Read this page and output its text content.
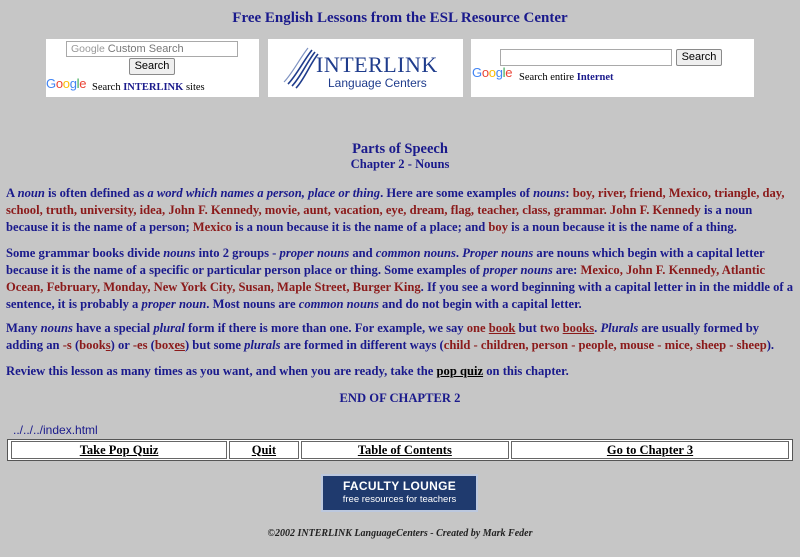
Free English Lessons from the ESL Resource Center
Google Custom Search
Search
Google Search INTERLINK sites
INTERLINK
Language Centers
Search
Google Search entire Internet
Parts of Speech
Chapter 2 - Nouns

A noun is often defined as a word which names a person, place or thing. Here are some examples of nouns: boy, river, friend, Mexico, triangle, day, school, truth, university, idea, John F. Kennedy, movie, aunt, vacation, eye, dream, flag, teacher, class, grammar. John F. Kennedy is a noun because it is the name of a person; Mexico is a noun because it is the name of a place; and boy is a noun because it is the name of a thing.

Some grammar books divide nouns into 2 groups - proper nouns and common nouns. Proper nouns are nouns which begin with a capital letter because it is the name of a specific or particular person place or thing. Some examples of proper nouns are: Mexico, John F. Kennedy, Atlantic Ocean, February, Monday, New York City, Susan, Maple Street, Burger King. If you see a word beginning with a capital letter in in the middle of a sentence, it is probably a proper noun. Most nouns are common nouns and do not begin with a capital letter.

Many nouns have a special plural form if there is more than one. For example, we say one book but two books. Plurals are usually formed by adding an -s (books) or -es (boxes) but some plurals are formed in different ways (child - children, person - people, mouse - mice, sheep - sheep).

Review this lesson as many times as you want, and when you are ready, take the pop quiz on this chapter.

END OF CHAPTER 2
../../../index.html
Take Pop Quiz	Quit	Table of Contents	Go to Chapter 3
FACULTY LOUNGE
free resources for teachers
©2002 INTERLINK LanguageCenters - Created by Mark Feder
